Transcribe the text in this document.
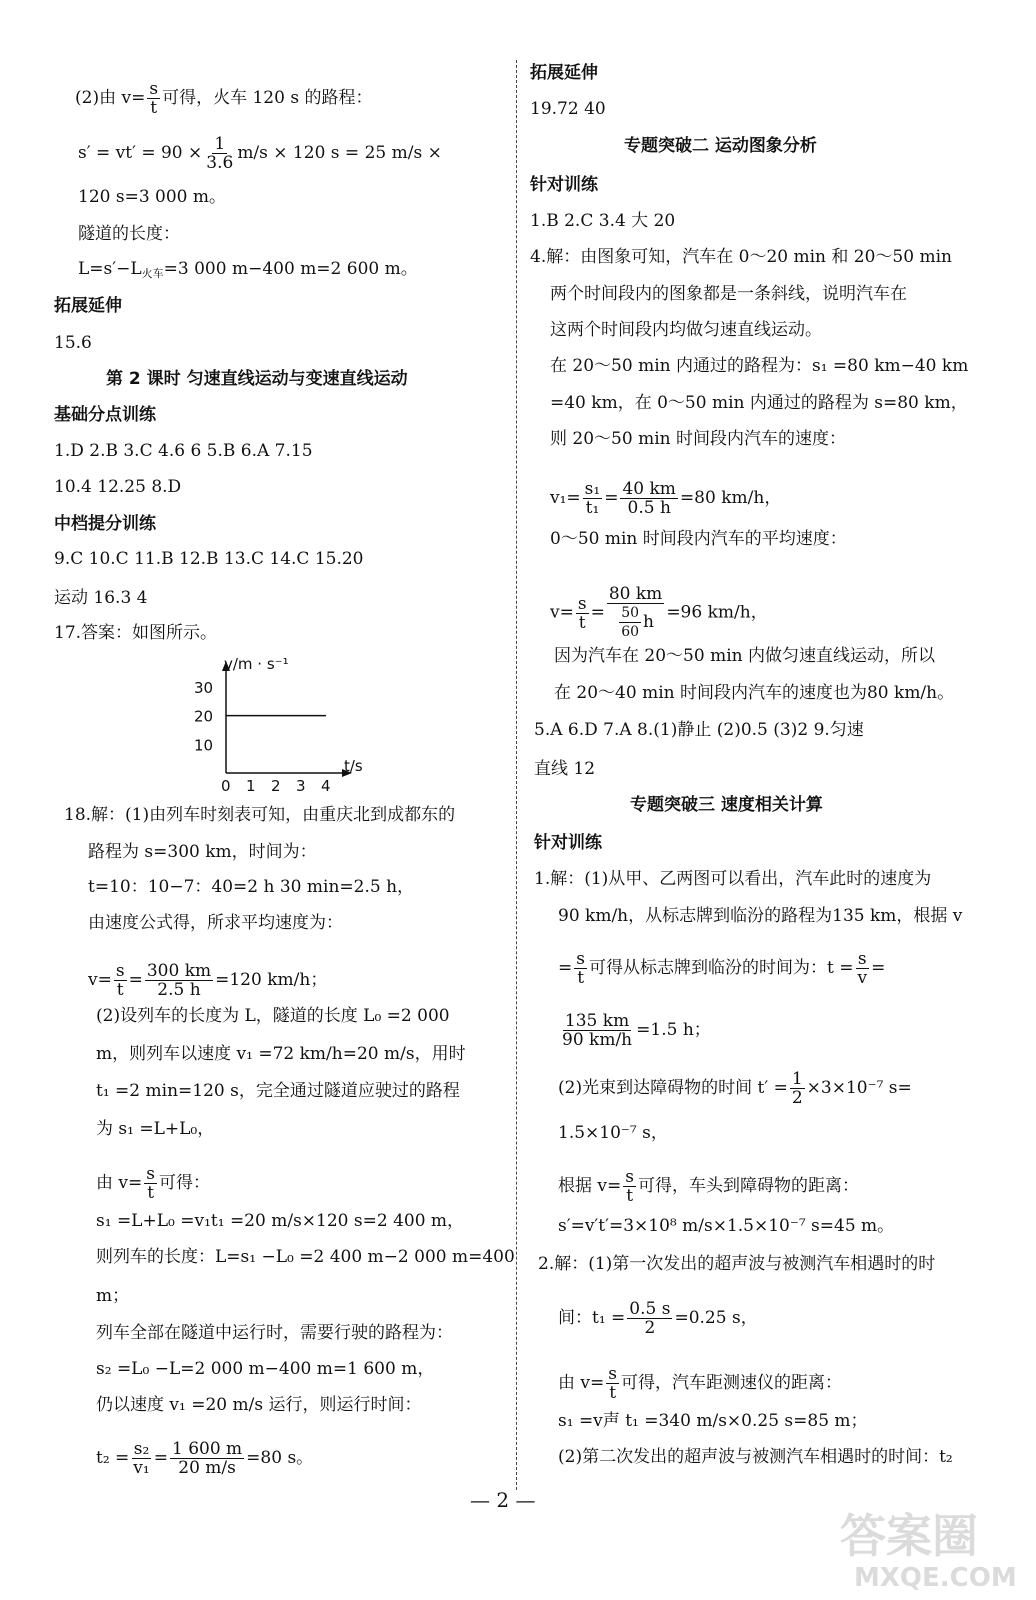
(2)由 $v= \frac{s}{t}$ 可得，火车 120 s 的路程：
$s' = vt' = 90 \times \frac{1}{3.6} m/s \times 120$ s = 25 m/s ×
120 s=3 000 m。
隧道的长度：
$L=s'-L_{火车}=3$ 000 m−400 m=2 600 m。
拓展延伸
15.6
第 2 课时 匀速直线运动与变速直线运动
基础分点训练
1.D 2.B 3.C 4.6 6 5.B 6.A 7.15
10.4 12.25 8.D
中档提分训练
9.C 10.C 11.B 12.B 13.C 14.C 15.20
运动 16.3 4
17.答案：如图所示。
v/m · s⁻¹
t/s
30
20
10
0 1 2 3 4
18.解：(1)由列车时刻表可知，由重庆北到成都东的
路程为 s=300 km，时间为：
t=10：10−7：40=2 h 30 min=2.5 h，
由速度公式得，所求平均速度为：
$v= \frac{s}{t} = \frac{300 km}{2.5 h} =120$ km/h；
(2)设列车的长度为 L，隧道的长度 L₀ =2 000
m，则列车以速度 v₁ =72 km/h=20 m/s，用时
t₁ =2 min=120 s，完全通过隧道应驶过的路程
为 s₁ =L+L₀，
由 $v= \frac{s}{t}$ 可得：
s₁ =L+L₀ =v₁t₁ =20 m/s×120 s=2 400 m，
则列车的长度：L=s₁ −L₀ =2 400 m−2 000 m=400
m；
列车全部在隧道中运行时，需要行驶的路程为：
s₂ =L₀ −L=2 000 m−400 m=1 600 m，
仍以速度 v₁ =20 m/s 运行，则运行时间：
$t_2 = \frac{\text{s₂}}{\text{v₁}} = \frac{1 600 m}{20 m/s} =80$ s。
拓展延伸
19.72 40
专题突破二 运动图象分析
针对训练
1.B 2.C 3.4 大 20
4.解：由图象可知，汽车在 0～20 min 和 20～50 min
两个时间段内的图象都是一条斜线，说明汽车在
这两个时间段内均做匀速直线运动。
在 20～50 min 内通过的路程为：s₁ =80 km−40 km
=40 km，在 0～50 min 内通过的路程为 s=80 km，
则 20～50 min 时间段内汽车的速度：
$v_1= \frac{\text{s₁}}{\text{t₁}} = \frac{40 km}{0.5 h} =80$ km/h，
0～50 min 时间段内汽车的平均速度：
$v= \frac{s}{t} = \frac{80 km}{\frac{50}{60} h} =96$ km/h，
因为汽车在 20～50 min 内做匀速直线运动，所以
在 20～40 min 时间段内汽车的速度也为80 km/h。
5.A 6.D 7.A 8.(1)静止 (2)0.5 (3)2 9.匀速
直线 12
专题突破三 速度相关计算
针对训练
1.解：(1)从甲、乙两图可以看出，汽车此时的速度为
90 km/h，从标志牌到临汾的路程为135 km，根据 v
= $\frac{s}{t}$ 可得从标志牌到临汾的时间为：$t = \frac{s}{v}$ =
$\frac{135 km}{90 km/h} =1.5$ h；
(2)光束到达障碍物的时间 $t' = \frac{1}{2} \times 3\times 10^{-7}$ s=
1.5×10⁻⁷ s，
根据 $v= \frac{s}{t}$ 可得，车头到障碍物的距离：
s′=v′t′=3×10⁸ m/s×1.5×10⁻⁷ s=45 m。
2.解：(1)第一次发出的超声波与被测汽车相遇时的时
间：$t_1 = \frac{0.5 s}{2} =0.25$ s，
由 $v= \frac{s}{t}$ 可得，汽车距测速仪的距离：
s₁ =v声 t₁ =340 m/s×0.25 s=85 m；
(2)第二次发出的超声波与被测汽车相遇时的时间：t₂
— 2 —
答案圈
MXQE.COM
